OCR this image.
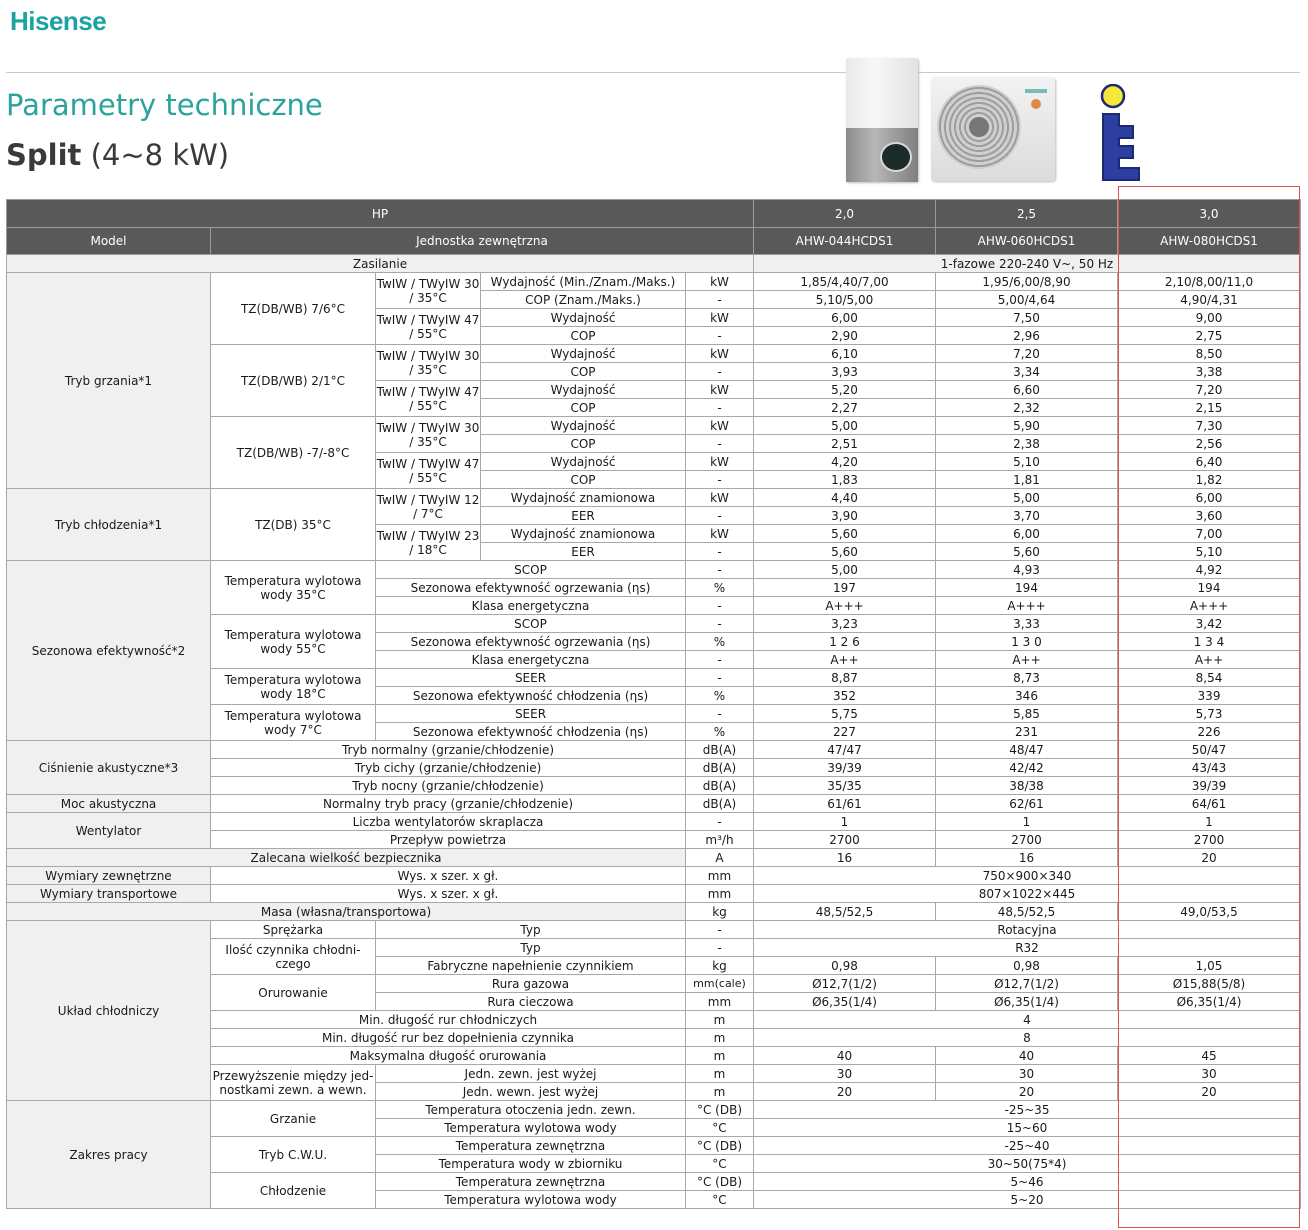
Hisense
Parametry techniczne
Split (4~8 kW)
HP					2,0	2,5	3,0
Model	Jednostka zewnętrzna				AHW-044HCDS1	AHW-060HCDS1	AHW-080HCDS1
Zasilanie					1-fazowe 220-240 V~, 50 Hz		
Tryb grzania*1	TZ(DB/WB) 7/6°C	TwIW / TWyIW 30 / 35°C	Wydajność (Min./Znam./Maks.)	kW	1,85/4,40/7,00	1,95/6,00/8,90	2,10/8,00/11,0
			COP (Znam./Maks.)	-	5,10/5,00	5,00/4,64	4,90/4,31
		TwIW / TWyIW 47 / 55°C	Wydajność	kW	6,00	7,50	9,00
			COP	-	2,90	2,96	2,75
	TZ(DB/WB) 2/1°C	TwIW / TWyIW 30 / 35°C	Wydajność	kW	6,10	7,20	8,50
			COP	-	3,93	3,34	3,38
		TwIW / TWyIW 47 / 55°C	Wydajność	kW	5,20	6,60	7,20
			COP	-	2,27	2,32	2,15
	TZ(DB/WB) -7/-8°C	TwIW / TWyIW 30 / 35°C	Wydajność	kW	5,00	5,90	7,30
			COP	-	2,51	2,38	2,56
		TwIW / TWyIW 47 / 55°C	Wydajność	kW	4,20	5,10	6,40
			COP	-	1,83	1,81	1,82
Tryb chłodzenia*1	TZ(DB) 35°C	TwIW / TWyIW 12 / 7°C	Wydajność znamionowa	kW	4,40	5,00	6,00
			EER	-	3,90	3,70	3,60
		TwIW / TWyIW 23 / 18°C	Wydajność znamionowa	kW	5,60	6,00	7,00
			EER	-	5,60	5,60	5,10
Sezonowa efektywność*2	Temperatura wylotowa wody 35°C	SCOP		-	5,00	4,93	4,92
		Sezonowa efektywność ogrzewania (ηs)		%	197	194	194
		Klasa energetyczna		-	A+++	A+++	A+++
	Temperatura wylotowa wody 55°C	SCOP		-	3,23	3,33	3,42
		Sezonowa efektywność ogrzewania (ηs)		%	1 2 6	1 3 0	1 3 4
		Klasa energetyczna		-	A++	A++	A++
	Temperatura wylotowa wody 18°C	SEER		-	8,87	8,73	8,54
		Sezonowa efektywność chłodzenia (ηs)		%	352	346	339
	Temperatura wylotowa wody 7°C	SEER		-	5,75	5,85	5,73
		Sezonowa efektywność chłodzenia (ηs)		%	227	231	226
Ciśnienie akustyczne*3	Tryb normalny (grzanie/chłodzenie)			dB(A)	47/47	48/47	50/47
	Tryb cichy (grzanie/chłodzenie)			dB(A)	39/39	42/42	43/43
	Tryb nocny (grzanie/chłodzenie)			dB(A)	35/35	38/38	39/39
Moc akustyczna	Normalny tryb pracy (grzanie/chłodzenie)			dB(A)	61/61	62/61	64/61
Wentylator	Liczba wentylatorów skraplacza			-	1	1	1
	Przepływ powietrza			m³/h	2700	2700	2700
Zalecana wielkość bezpiecznika				A	16	16	20
Wymiary zewnętrzne	Wys. x szer. x gł.			mm	750×900×340		
Wymiary transportowe	Wys. x szer. x gł.			mm	807×1022×445		
Masa (własna/transportowa)				kg	48,5/52,5	48,5/52,5	49,0/53,5
Układ chłodniczy	Sprężarka	Typ		-	Rotacyjna		
	Ilość czynnika chłodni-czego	Typ		-	R32		
		Fabryczne napełnienie czynnikiem		kg	0,98	0,98	1,05
	Orurowanie	Rura gazowa		mm(cale)	Ø12,7(1/2)	Ø12,7(1/2)	Ø15,88(5/8)
		Rura cieczowa		mm	Ø6,35(1/4)	Ø6,35(1/4)	Ø6,35(1/4)
	Min. długość rur chłodniczych			m	4		
	Min. długość rur bez dopełnienia czynnika			m	8		
	Maksymalna długość orurowania			m	40	40	45
	Przewyższenie między jed-nostkami zewn. a wewn.	Jedn. zewn. jest wyżej		m	30	30	30
		Jedn. wewn. jest wyżej		m	20	20	20
Zakres pracy	Grzanie	Temperatura otoczenia jedn. zewn.		°C (DB)	-25~35		
		Temperatura wylotowa wody		°C	15~60		
	Tryb C.W.U.	Temperatura zewnętrzna		°C (DB)	-25~40		
		Temperatura wody w zbiorniku		°C	30~50(75*4)		
	Chłodzenie	Temperatura zewnętrzna		°C (DB)	5~46		
		Temperatura wylotowa wody		°C	5~20		
